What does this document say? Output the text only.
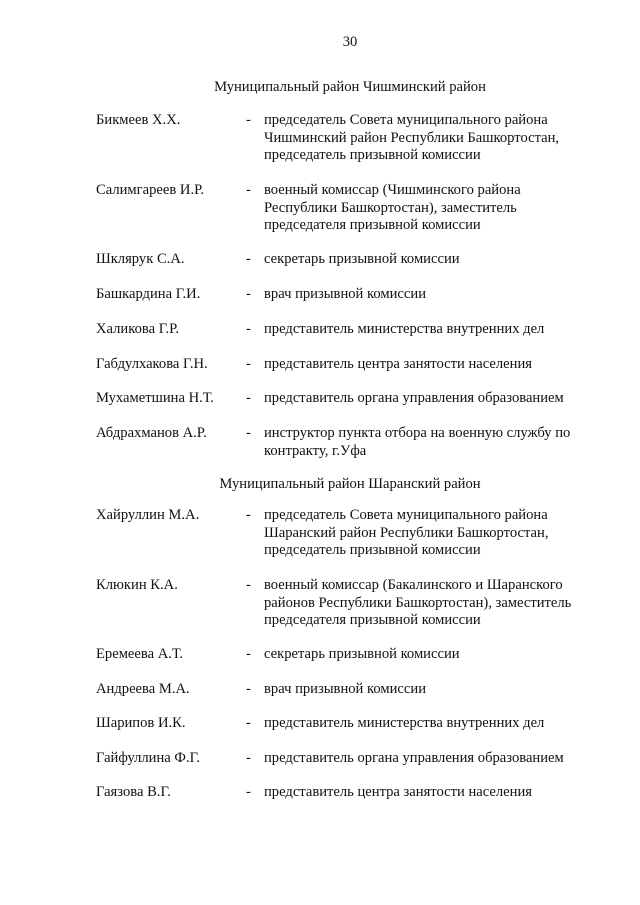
30
Муниципальный район Чишминский район
Бикмеев Х.Х.	- председатель Совета муниципального района
Чишминский район Республики Башкортостан,
председатель призывной комиссии
Салимгареев И.Р.	- военный комиссар (Чишминского района
Республики Башкортостан), заместитель
председателя призывной комиссии
Шклярук С.А.	- секретарь призывной комиссии
Башкардина Г.И.	- врач призывной комиссии
Халикова Г.Р.	- представитель министерства внутренних дел
Габдулхакова Г.Н.	- представитель центра занятости населения
Мухаметшина Н.Т.	- представитель органа управления образованием
Абдрахманов А.Р.	- инструктор пункта отбора на военную службу по
контракту, г.Уфа
Муниципальный район Шаранский район
Хайруллин М.А.	- председатель Совета муниципального района
Шаранский район Республики Башкортостан,
председатель призывной комиссии
Клюкин К.А.	- военный комиссар (Бакалинского и Шаранского
районов Республики Башкортостан), заместитель
председателя призывной комиссии
Еремеева А.Т.	- секретарь призывной комиссии
Андреева М.А.	- врач призывной комиссии
Шарипов И.К.	- представитель министерства внутренних дел
Гайфуллина Ф.Г.	- представитель органа управления образованием
Гаязова В.Г.	- представитель центра занятости населения
